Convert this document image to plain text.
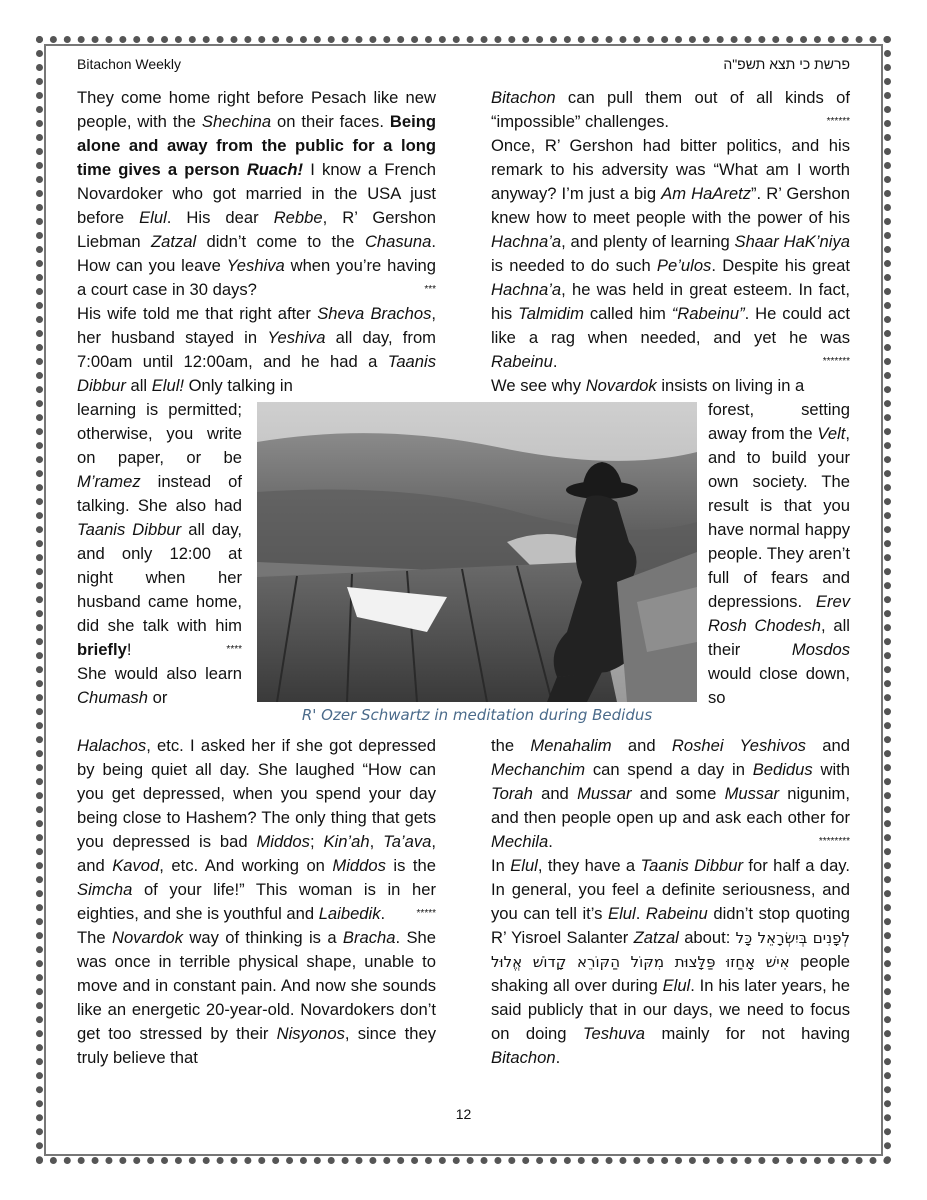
Bitachon Weekly	פרשת כי תצא תשפ"ה
They come home right before Pesach like new people, with the Shechina on their faces. Being alone and away from the public for a long time gives a person Ruach! I know a French Novardoker who got married in the USA just before Elul. His dear Rebbe, R’ Gershon Liebman Zatzal didn’t come to the Chasuna. How can you leave Yeshiva when you’re having a court case in 30 days?	***

His wife told me that right after Sheva Brachos, her husband stayed in Yeshiva all day, from 7:00am until 12:00am, and he had a Taanis Dibbur all Elul! Only talking in
learning is permitted; otherwise, you write on paper, or be M’ramez instead of talking. She also had Taanis Dibbur all day, and only 12:00 at night when her husband came home, did she talk with him briefly!	****

She would also learn Chumash or
Halachos, etc. I asked her if she got depressed by being quiet all day. She laughed “How can you get depressed, when you spend your day being close to Hashem? The only thing that gets you depressed is bad Middos; Kin’ah, Ta’ava, and Kavod, etc. And working on Middos is the Simcha of your life!” This woman is in her eighties, and she is youthful and Laibedik.	*****

The Novardok way of thinking is a Bracha. She was once in terrible physical shape, unable to move and in constant pain. And now she sounds like an energetic 20-year-old. Novardokers don’t get too stressed by their Nisyonos, since they truly believe that
Bitachon can pull them out of all kinds of “impossible” challenges.	******

Once, R’ Gershon had bitter politics, and his remark to his adversity was “What am I worth anyway? I’m just a big Am HaAretz”. R’ Gershon knew how to meet people with the power of his Hachna’a, and plenty of learning Shaar HaK’niya is needed to do such Pe’ulos. Despite his great Hachna’a, he was held in great esteem. In fact, his Talmidim called him “Rabeinu”. He could act like a rag when needed, and yet he was Rabeinu.	*******

We see why Novardok insists on living in a
forest, setting away from the Velt, and to build your own society. The result is that you have normal happy people. They aren’t full of fears and depressions. Erev Rosh Chodesh, all their Mosdos would close down, so
the Menahalim and Roshei Yeshivos and Mechanchim can spend a day in Bedidus with Torah and Mussar and some Mussar nigunim, and then people open up and ask each other for Mechila.	********

In Elul, they have a Taanis Dibbur for half a day. In general, you feel a definite seriousness, and you can tell it’s Elul. Rabeinu didn’t stop quoting R’ Yisroel Salanter Zatzal about: לְפָנִים בְּיִשְׂרָאֵל כָּל אִישׁ אָחַזוּ פַּלָּצוּת מִקּוֹל הַקּוֹרֵא קָדוֹשׁ אֱלוּל people shaking all over during Elul. In his later years, he said publicly that in our days, we need to focus on doing Teshuva mainly for not having Bitachon.
R' Ozer Schwartz in meditation during Bedidus
12
